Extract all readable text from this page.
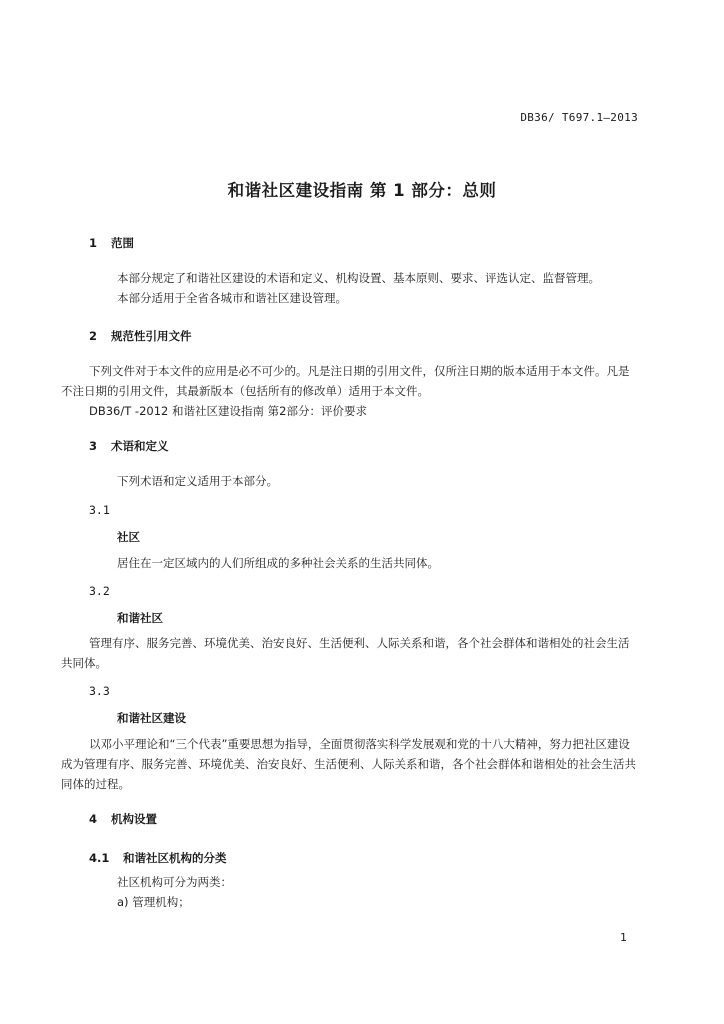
DB36/ T697.1—2013
和谐社区建设指南 第 1 部分：总则
1 范围
本部分规定了和谐社区建设的术语和定义、机构设置、基本原则、要求、评选认定、监督管理。
本部分适用于全省各城市和谐社区建设管理。
2 规范性引用文件
下列文件对于本文件的应用是必不可少的。凡是注日期的引用文件，仅所注日期的版本适用于本文件。凡是不注日期的引用文件，其最新版本（包括所有的修改单）适用于本文件。
DB36/T -2012 和谐社区建设指南 第2部分：评价要求
3 术语和定义
下列术语和定义适用于本部分。
3.1
社区
居住在一定区域内的人们所组成的多种社会关系的生活共同体。
3.2
和谐社区
管理有序、服务完善、环境优美、治安良好、生活便利、人际关系和谐，各个社会群体和谐相处的社会生活共同体。
3.3
和谐社区建设
以邓小平理论和“三个代表”重要思想为指导，全面贯彻落实科学发展观和党的十八大精神，努力把社区建设成为管理有序、服务完善、环境优美、治安良好、生活便利、人际关系和谐，各个社会群体和谐相处的社会生活共同体的过程。
4 机构设置
4.1 和谐社区机构的分类
社区机构可分为两类：
a) 管理机构；
1
